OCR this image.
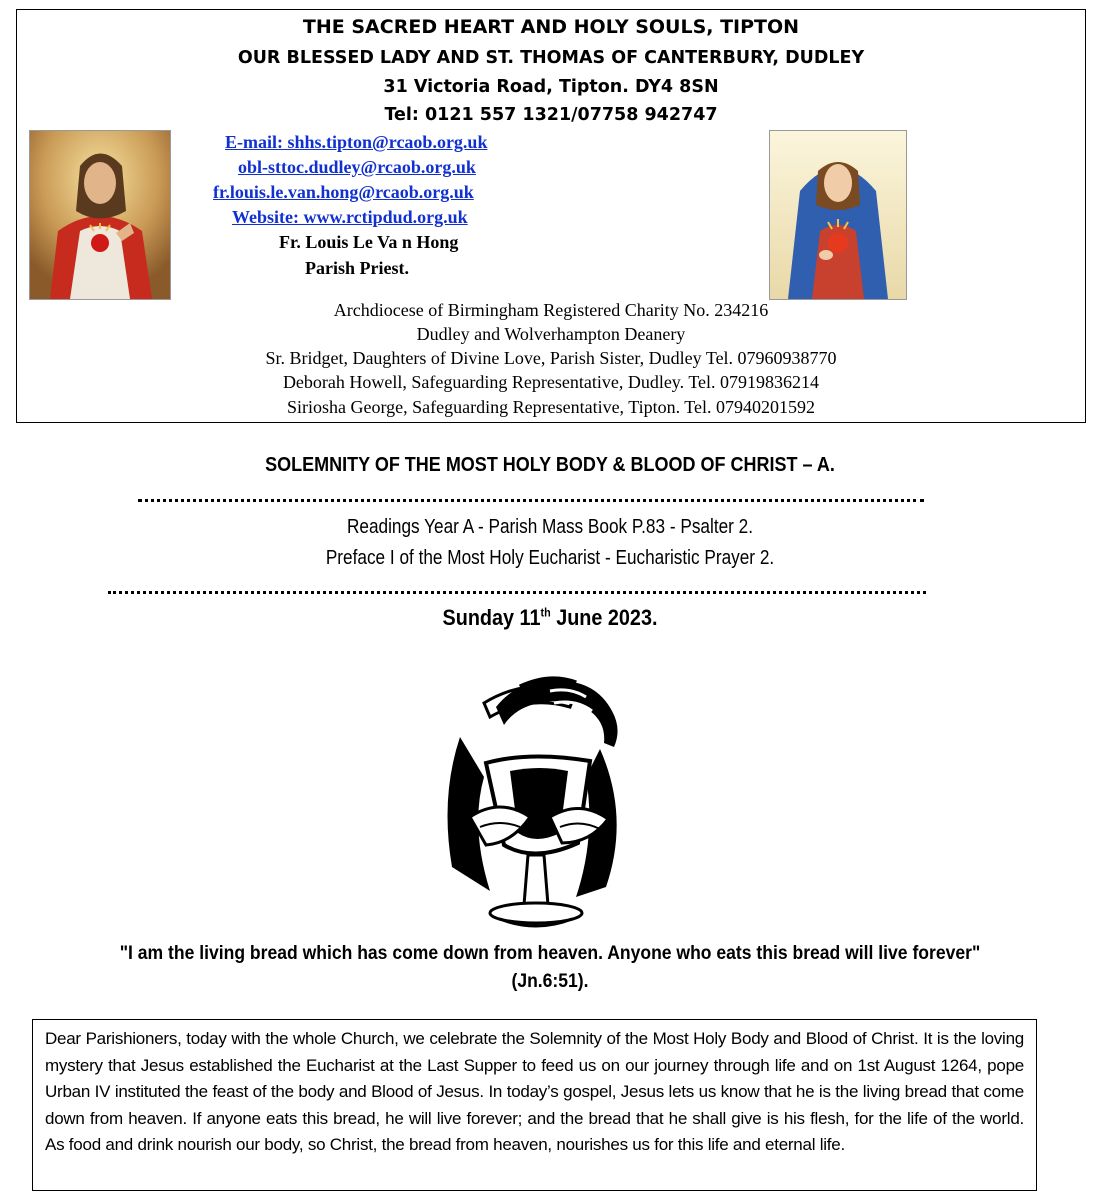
THE SACRED HEART AND HOLY SOULS, TIPTON
OUR BLESSED LADY AND ST. THOMAS OF CANTERBURY, DUDLEY
31 Victoria Road, Tipton. DY4 8SN
Tel: 0121 557 1321/07758 942747
E-mail: shhs.tipton@rcaob.org.uk
obl-sttoc.dudley@rcaob.org.uk
fr.louis.le.van.hong@rcaob.org.uk
Website: www.rctipdud.org.uk
Fr. Louis Le Va n Hong
Parish Priest.
Archdiocese of Birmingham Registered Charity No. 234216
Dudley and Wolverhampton Deanery
Sr. Bridget, Daughters of Divine Love, Parish Sister, Dudley Tel. 07960938770
Deborah Howell, Safeguarding Representative, Dudley. Tel. 07919836214
Siriosha George, Safeguarding Representative, Tipton. Tel. 07940201592
SOLEMNITY OF THE MOST HOLY BODY & BLOOD OF CHRIST – A.
Readings Year A - Parish Mass Book P.83 - Psalter 2.
Preface I of the Most Holy Eucharist - Eucharistic Prayer 2.
Sunday 11th June 2023.
"I am the living bread which has come down from heaven. Anyone who eats this bread will live forever"
(Jn.6:51).

Dear Parishioners, today with the whole Church, we celebrate the Solemnity of the Most Holy Body and Blood of Christ. It is the loving mystery that Jesus established the Eucharist at the Last Supper to feed us on our journey through life and on 1st August 1264, pope Urban IV instituted the feast of the body and Blood of Jesus. In today’s gospel, Jesus lets us know that he is the living bread that come down from heaven. If anyone eats this bread, he will live forever; and the bread that he shall give is his flesh, for the life of the world. As food and drink nourish our body, so Christ, the bread from heaven, nourishes us for this life and eternal life.
